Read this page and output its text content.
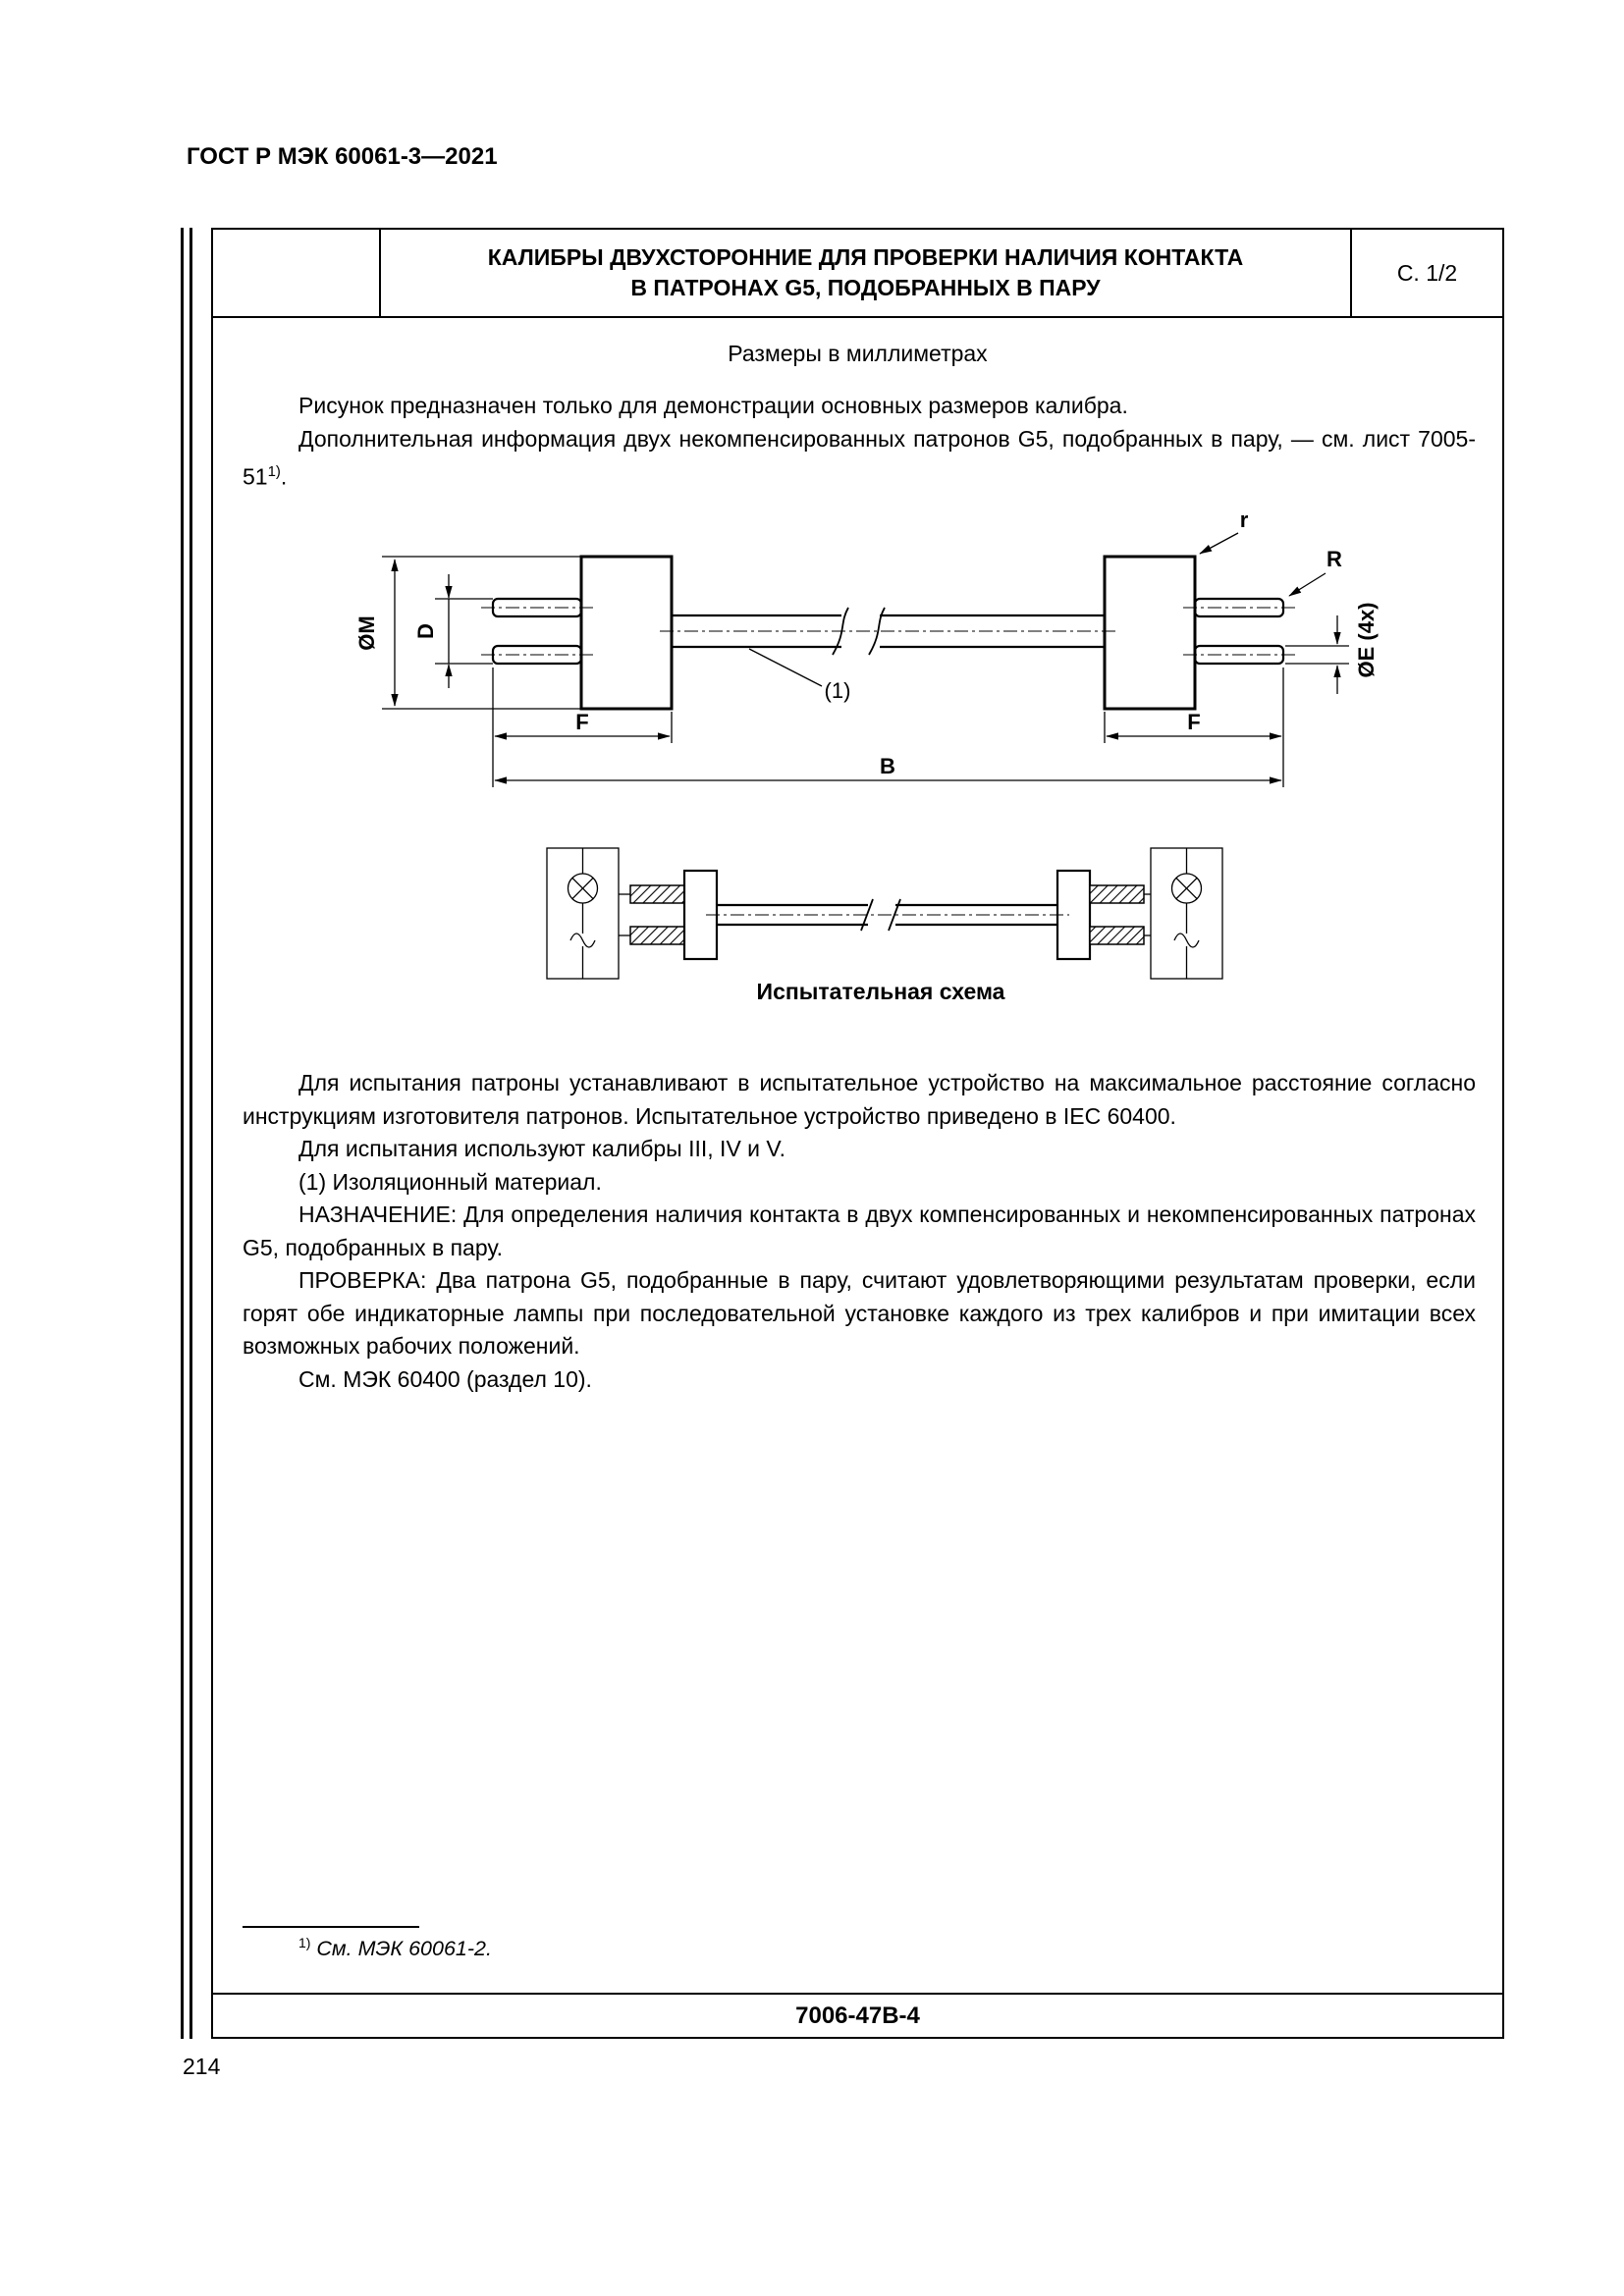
ГОСТ Р МЭК 60061-3—2021
КАЛИБРЫ ДВУХСТОРОННИЕ ДЛЯ ПРОВЕРКИ НАЛИЧИЯ КОНТАКТА
В ПАТРОНАХ G5, ПОДОБРАННЫХ В ПАРУ
С. 1/2
Размеры в миллиметрах

Рисунок предназначен только для демонстрации основных размеров калибра.

Дополнительная информация двух некомпенсированных патронов G5, подобранных в пару, — см. лист 7005-51$^{1)}$.

ØM D
F	F
B
ØE (4x)
r
R
(1)
Испытательная схема

Для испытания патроны устанавливают в испытательное устройство на максимальное расстояние согласно инструкциям изготовителя патронов. Испытательное устройство приведено в IEC 60400.

Для испытания используют калибры III, IV и V.

(1) Изоляционный материал.

НАЗНАЧЕНИЕ: Для определения наличия контакта в двух компенсированных и некомпенсированных патронах G5, подобранных в пару.

ПРОВЕРКА: Два патрона G5, подобранные в пару, считают удовлетворяющими результатам проверки, если горят обе индикаторные лампы при последовательной установке каждого из трех калибров и при имитации всех возможных рабочих положений.

См. МЭК 60400 (раздел 10).

$^{1)}$ См. МЭК 60061-2.
7006-47В-4
214
